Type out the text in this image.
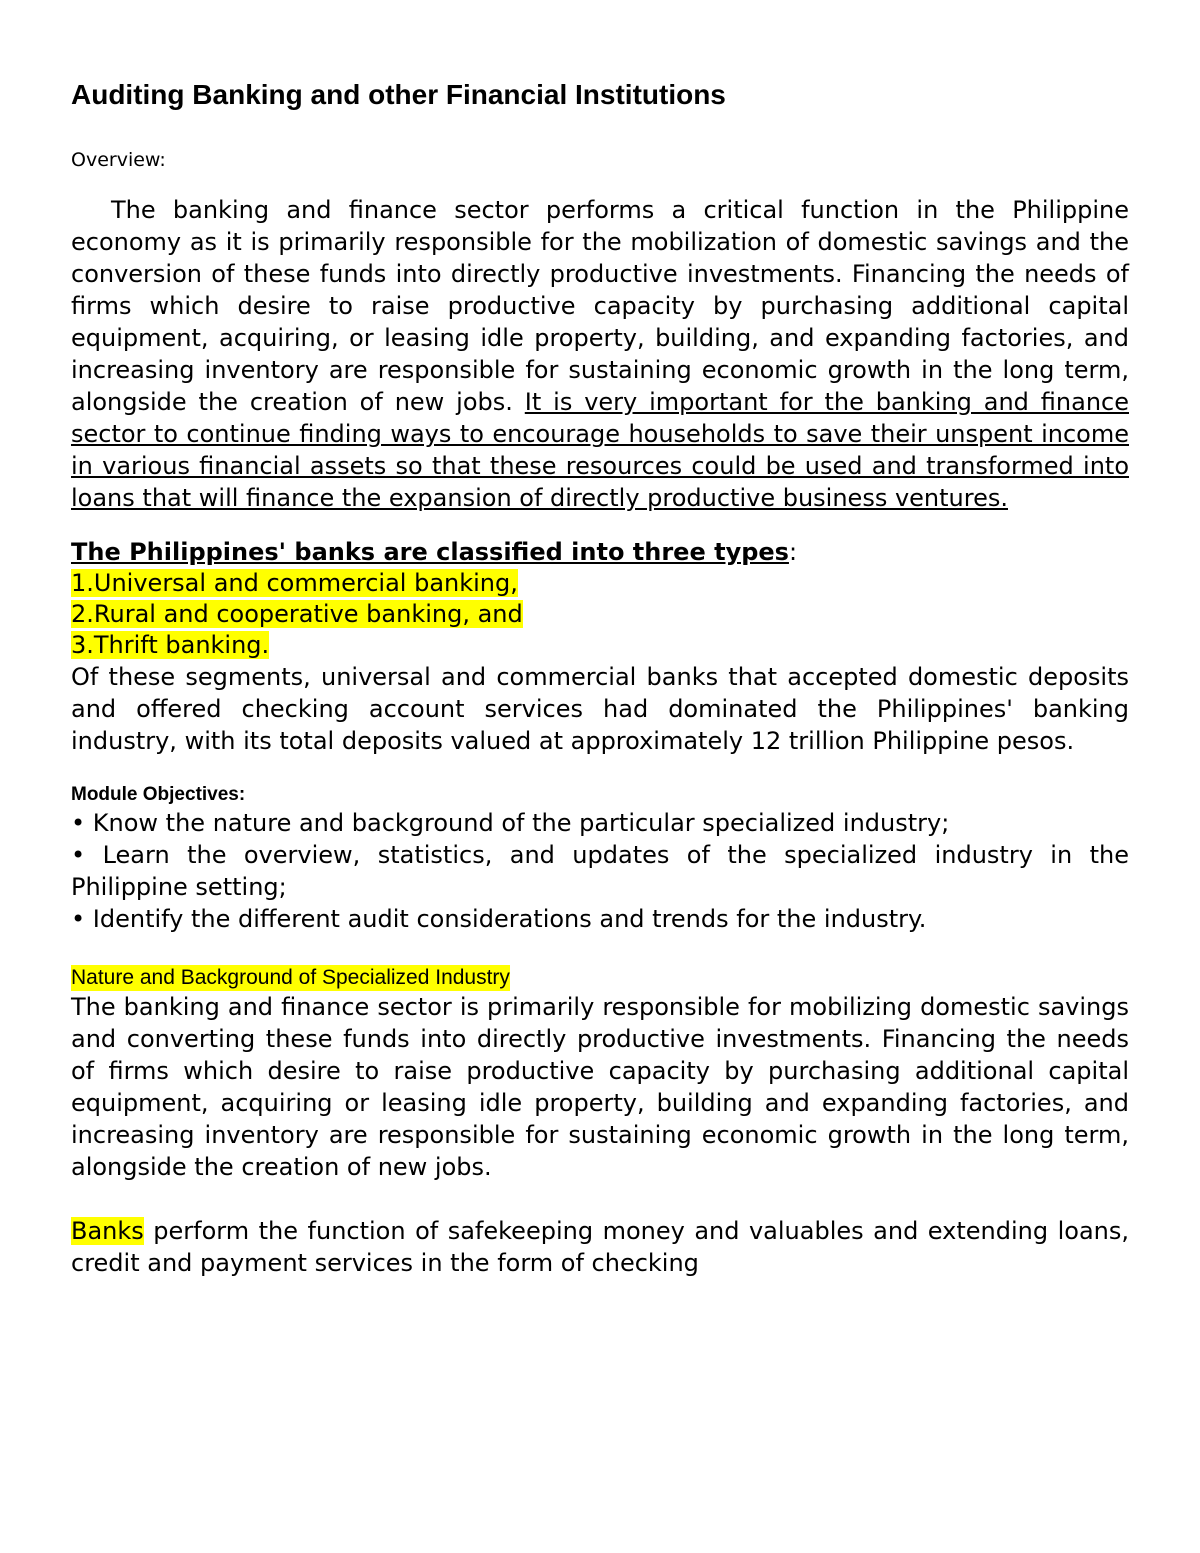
Auditing Banking and other Financial Institutions

Overview:

The banking and finance sector performs a critical function in the Philippine economy as it is primarily responsible for the mobilization of domestic savings and the conversion of these funds into directly productive investments. Financing the needs of firms which desire to raise productive capacity by purchasing additional capital equipment, acquiring, or leasing idle property, building, and expanding factories, and increasing inventory are responsible for sustaining economic growth in the long term, alongside the creation of new jobs. It is very important for the banking and finance sector to continue finding ways to encourage households to save their unspent income in various financial assets so that these resources could be used and transformed into loans that will finance the expansion of directly productive business ventures.

The Philippines' banks are classified into three types:

1.Universal and commercial banking,

2.Rural and cooperative banking, and

3.Thrift banking.

Of these segments, universal and commercial banks that accepted domestic deposits and offered checking account services had dominated the Philippines' banking industry, with its total deposits valued at approximately 12 trillion Philippine pesos.

Module Objectives:

• Know the nature and background of the particular specialized industry;

• Learn the overview, statistics, and updates of the specialized industry in the Philippine setting;

• Identify the different audit considerations and trends for the industry.

Nature and Background of Specialized Industry

The banking and finance sector is primarily responsible for mobilizing domestic savings and converting these funds into directly productive investments. Financing the needs of firms which desire to raise productive capacity by purchasing additional capital equipment, acquiring or leasing idle property, building and expanding factories, and increasing inventory are responsible for sustaining economic growth in the long term, alongside the creation of new jobs.

Banks perform the function of safekeeping money and valuables and extending loans, credit and payment services in the form of checking
